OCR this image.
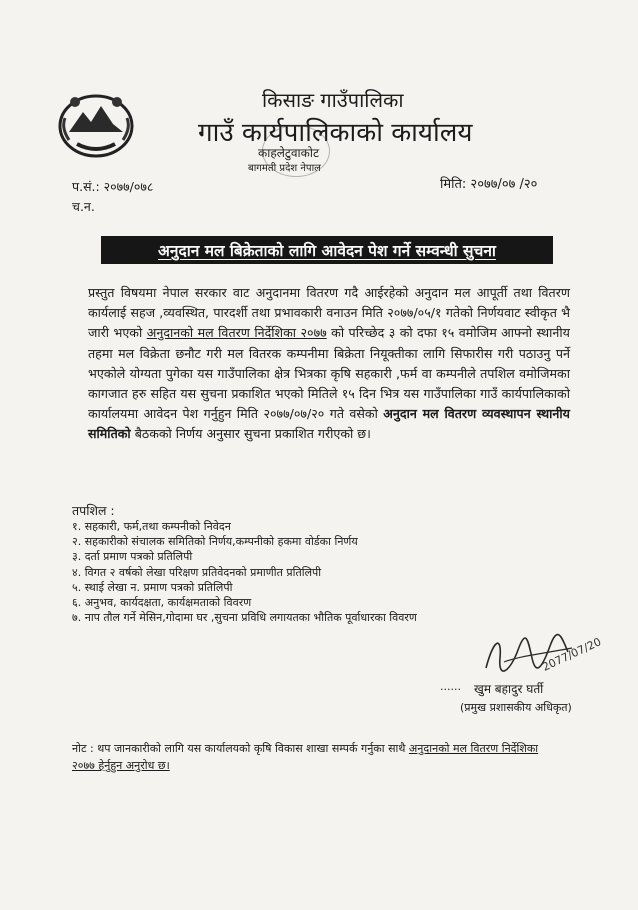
किसाङ गाउँपालिका
गाउँ कार्यपालिकाको कार्यालय
काहलेटुवाकोट
बागमती प्रदेश नेपाल
प.सं.: २०७७/०७८
च.न.
मिति: २०७७/०७ /२०
अनुदान मल बिक्रेताको लागि आवेदन पेश गर्ने सम्वन्धी सुचना
प्रस्तुत विषयमा नेपाल सरकार वाट अनुदानमा वितरण गदै आईरहेको अनुदान मल आपूर्ती तथा वितरण कार्यलाई सहज ,व्यवस्थित, पारदर्शी तथा प्रभावकारी वनाउन मिति २०७७/०५/१ गतेको निर्णयवाट स्वीकृत भै जारी भएको अनुदानको मल वितरण निर्देशिका २०७७ को परिच्छेद ३ को दफा १५ वमोजिम आफ्नो स्थानीय तहमा मल विक्रेता छनौट गरी मल वितरक कम्पनीमा बिक्रेता नियूक्तीका लागि सिफारीस गरी पठाउनु पर्ने भएकोले योग्यता पुगेका यस गाउँपालिका क्षेत्र भित्रका कृषि सहकारी ,फर्म वा कम्पनीले तपशिल वमोजिमका कागजात हरु सहित यस सुचना प्रकाशित भएको मितिले १५ दिन भित्र यस गाउँपालिका गाउँ कार्यपालिकाको कार्यालयमा आवेदन पेश गर्नुहुन मिति २०७७/०७/२० गते वसेको अनुदान मल वितरण व्यवस्थापन स्थानीय समितिको बैठकको निर्णय अनुसार सुचना प्रकाशित गरीएको छ।
तपशिल :
१. सहकारी, फर्म,तथा कम्पनीको निवेदन
२. सहकारीको संचालक समितिको निर्णय,कम्पनीको हकमा वोर्डका निर्णय
३. दर्ता प्रमाण पत्रको प्रतिलिपी
४. विगत २ वर्षको लेखा परिक्षण प्रतिवेदनको प्रमाणीत प्रतिलिपी
५. स्थाई लेखा न. प्रमाण पत्रको प्रतिलिपी
६. अनुभव, कार्यदक्षता, कार्यक्षमताको विवरण
७. नाप तौल गर्ने मेसिन,गोदामा घर ,सुचना प्रविधि लगायतका भौतिक पूर्वाधारका विवरण
2077/07/20
...... खुम बहादुर घर्ती
(प्रमुख प्रशासकीय अधिकृत)
नोट : थप जानकारीको लागि यस कार्यालयको कृषि विकास शाखा सम्पर्क गर्नुका साथै अनुदानको मल वितरण निर्देशिका
२०७७ हेर्नुहुन अनुरोध छ।
